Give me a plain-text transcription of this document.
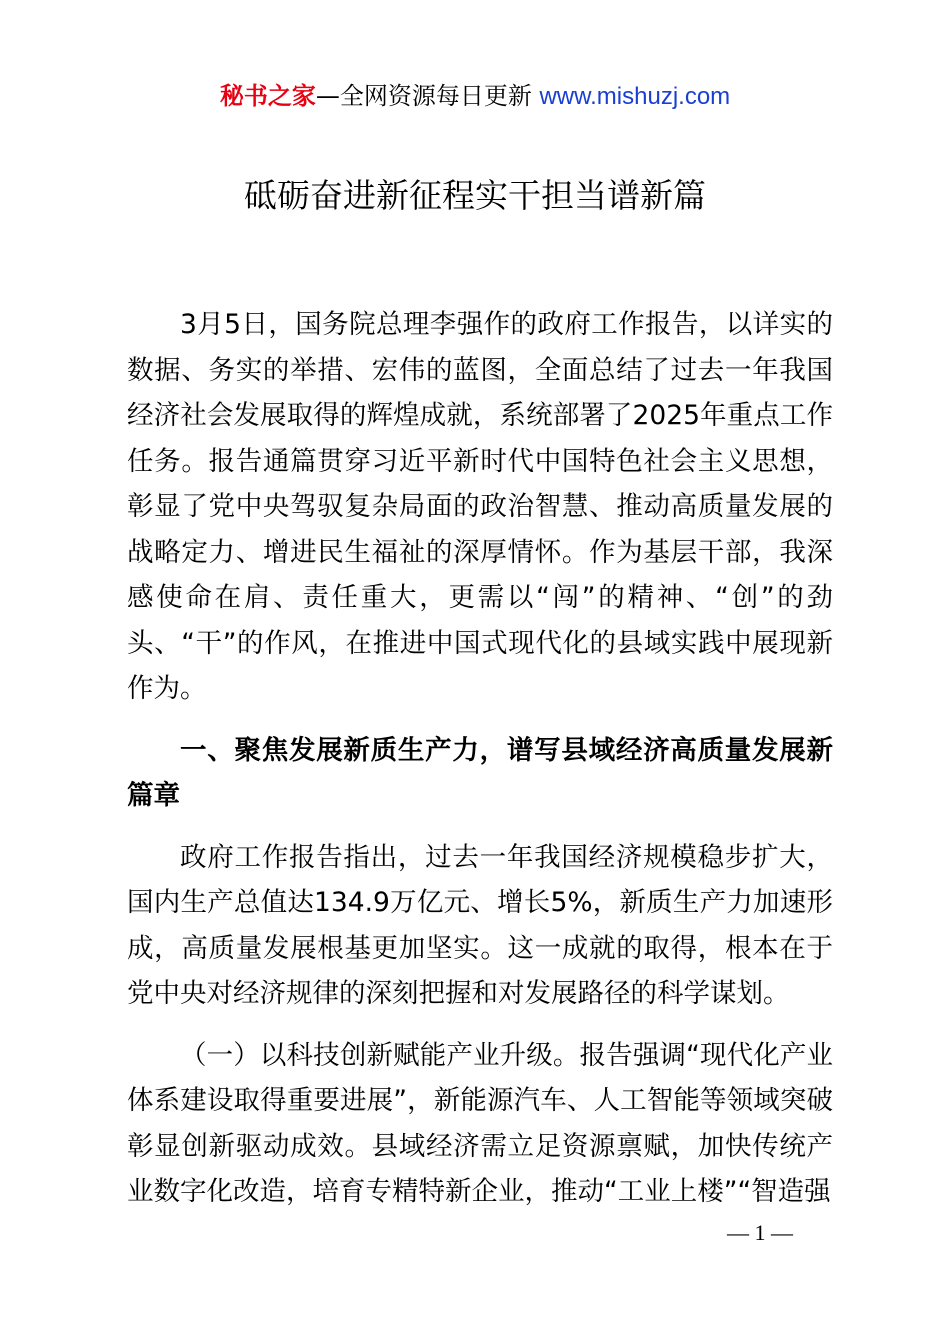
秘书之家—全网资源每日更新 www.mishuzj.com
砥砺奋进新征程实干担当谱新篇

3月5日，国务院总理李强作的政府工作报告，以详实的数据、务实的举措、宏伟的蓝图，全面总结了过去一年我国经济社会发展取得的辉煌成就，系统部署了2025年重点工作任务。报告通篇贯穿习近平新时代中国特色社会主义思想，彰显了党中央驾驭复杂局面的政治智慧、推动高质量发展的战略定力、增进民生福祉的深厚情怀。作为基层干部，我深感使命在肩、责任重大，更需以“闯”的精神、“创”的劲头、“干”的作风，在推进中国式现代化的县域实践中展现新作为。

一、聚焦发展新质生产力，谱写县域经济高质量发展新篇章

政府工作报告指出，过去一年我国经济规模稳步扩大，国内生产总值达134.9万亿元、增长5%，新质生产力加速形成，高质量发展根基更加坚实。这一成就的取得，根本在于党中央对经济规律的深刻把握和对发展路径的科学谋划。

（一）以科技创新赋能产业升级。报告强调“现代化产业体系建设取得重要进展”，新能源汽车、人工智能等领域突破彰显创新驱动成效。县域经济需立足资源禀赋，加快传统产业数字化改造，培育专精特新企业，推动“工业上楼”“智造强

— 1 —
